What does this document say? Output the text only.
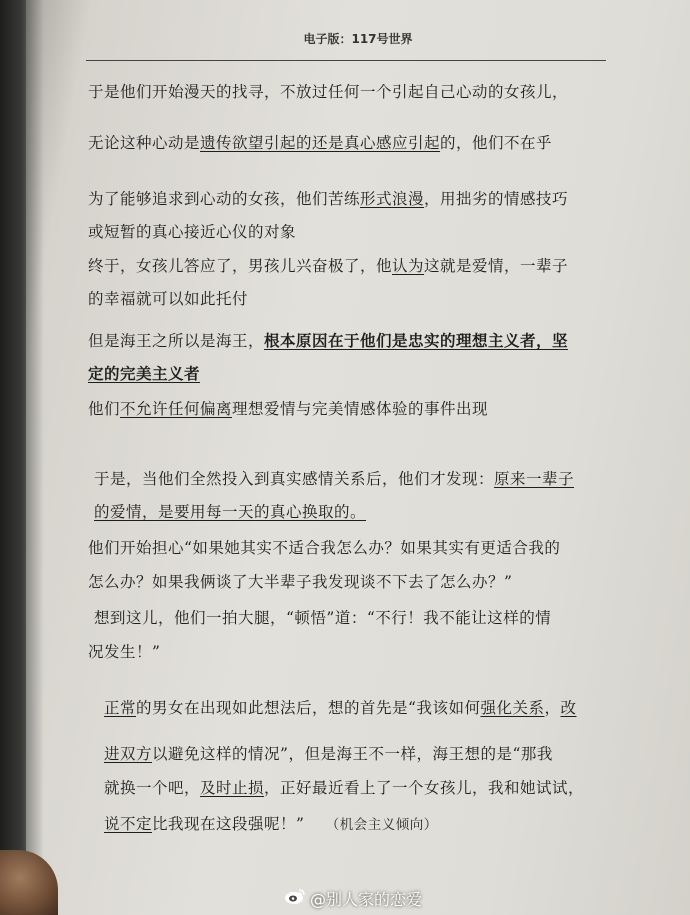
电子版：117号世界
于是他们开始漫天的找寻，不放过任何一个引起自己心动的女孩儿，
无论这种心动是遗传欲望引起的还是真心感应引起的，他们不在乎
为了能够追求到心动的女孩，他们苦练形式浪漫，用拙劣的情感技巧
或短暂的真心接近心仪的对象
终于，女孩儿答应了，男孩儿兴奋极了，他认为这就是爱情，一辈子
的幸福就可以如此托付
但是海王之所以是海王，根本原因在于他们是忠实的理想主义者，坚
定的完美主义者
他们不允许任何偏离理想爱情与完美情感体验的事件出现
于是，当他们全然投入到真实感情关系后，他们才发现：原来一辈子
的爱情，是要用每一天的真心换取的。
他们开始担心“如果她其实不适合我怎么办？如果其实有更适合我的
怎么办？如果我俩谈了大半辈子我发现谈不下去了怎么办？”
想到这儿，他们一拍大腿，“顿悟”道：“不行！我不能让这样的情
况发生！”
正常的男女在出现如此想法后，想的首先是“我该如何强化关系，改
进双方以避免这样的情况”，但是海王不一样，海王想的是“那我
就换一个吧，及时止损，正好最近看上了一个女孩儿，我和她试试，
说不定比我现在这段强呢！” （机会主义倾向）
@别人家的恋爱
